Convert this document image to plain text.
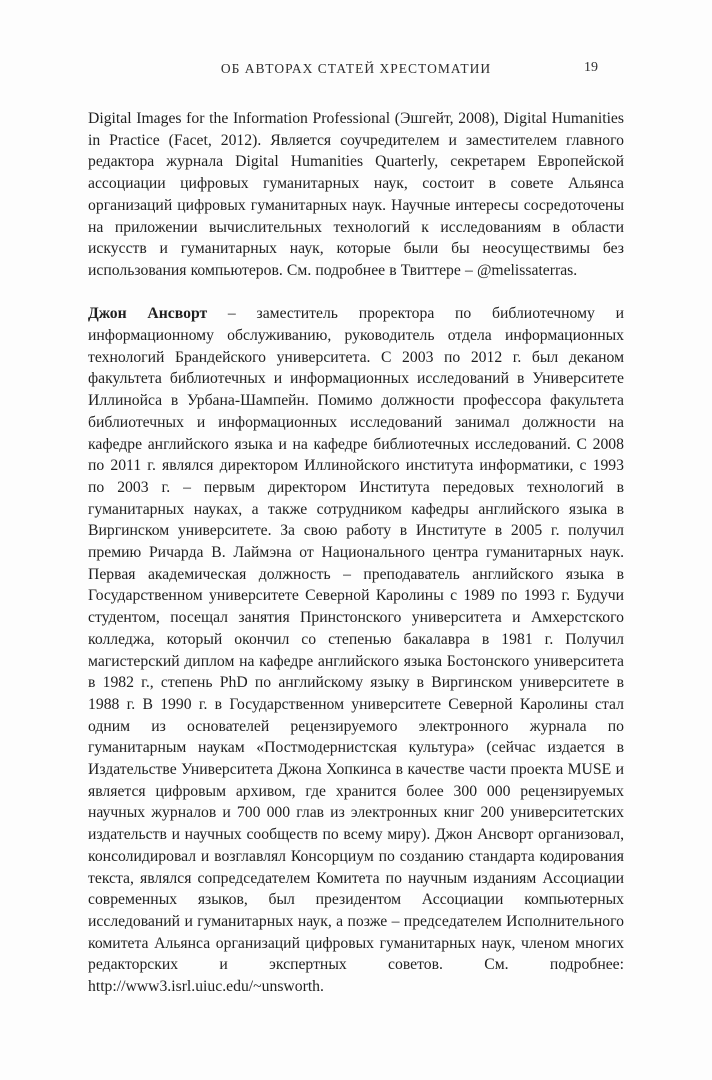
ОБ АВТОРАХ СТАТЕЙ ХРЕСТОМАТИИ	19

Digital Images for the Information Professional (Эшгейт, 2008), Digital Humanities in Practice (Facet, 2012). Является соучредителем и заместителем главного редактора журнала Digital Humanities Quarterly, секретарем Европейской ассоциации цифровых гуманитарных наук, состоит в совете Альянса организаций цифровых гуманитарных наук. Научные интересы сосредоточены на приложении вычислительных технологий к исследованиям в области искусств и гуманитарных наук, которые были бы неосуществимы без использования компьютеров. См. подробнее в Твиттере – @melissaterras.

Джон Ансворт – заместитель проректора по библиотечному и информационному обслуживанию, руководитель отдела информационных технологий Брандейского университета. С 2003 по 2012 г. был деканом факультета библиотечных и информационных исследований в Университете Иллинойса в Урбана-Шампейн. Помимо должности профессора факультета библиотечных и информационных исследований занимал должности на кафедре английского языка и на кафедре библиотечных исследований. С 2008 по 2011 г. являлся директором Иллинойского института информатики, с 1993 по 2003 г. – первым директором Института передовых технологий в гуманитарных науках, а также сотрудником кафедры английского языка в Виргинском университете. За свою работу в Институте в 2005 г. получил премию Ричарда В. Лаймэна от Национального центра гуманитарных наук. Первая академическая должность – преподаватель английского языка в Государственном университете Северной Каролины с 1989 по 1993 г. Будучи студентом, посещал занятия Принстонского университета и Амхерстского колледжа, который окончил со степенью бакалавра в 1981 г. Получил магистерский диплом на кафедре английского языка Бостонского университета в 1982 г., степень PhD по английскому языку в Виргинском университете в 1988 г. В 1990 г. в Государственном университете Северной Каролины стал одним из основателей рецензируемого электронного журнала по гуманитарным наукам «Постмодернистская культура» (сейчас издается в Издательстве Университета Джона Хопкинса в качестве части проекта MUSE и является цифровым архивом, где хранится более 300 000 рецензируемых научных журналов и 700 000 глав из электронных книг 200 университетских издательств и научных сообществ по всему миру). Джон Ансворт организовал, консолидировал и возглавлял Консорциум по созданию стандарта кодирования текста, являлся сопредседателем Комитета по научным изданиям Ассоциации современных языков, был президентом Ассоциации компьютерных исследований и гуманитарных наук, а позже – председателем Исполнительного комитета Альянса организаций цифровых гуманитарных наук, членом многих редакторских и экспертных советов. См. подробнее: http://www3.isrl.uiuc.edu/~unsworth.
